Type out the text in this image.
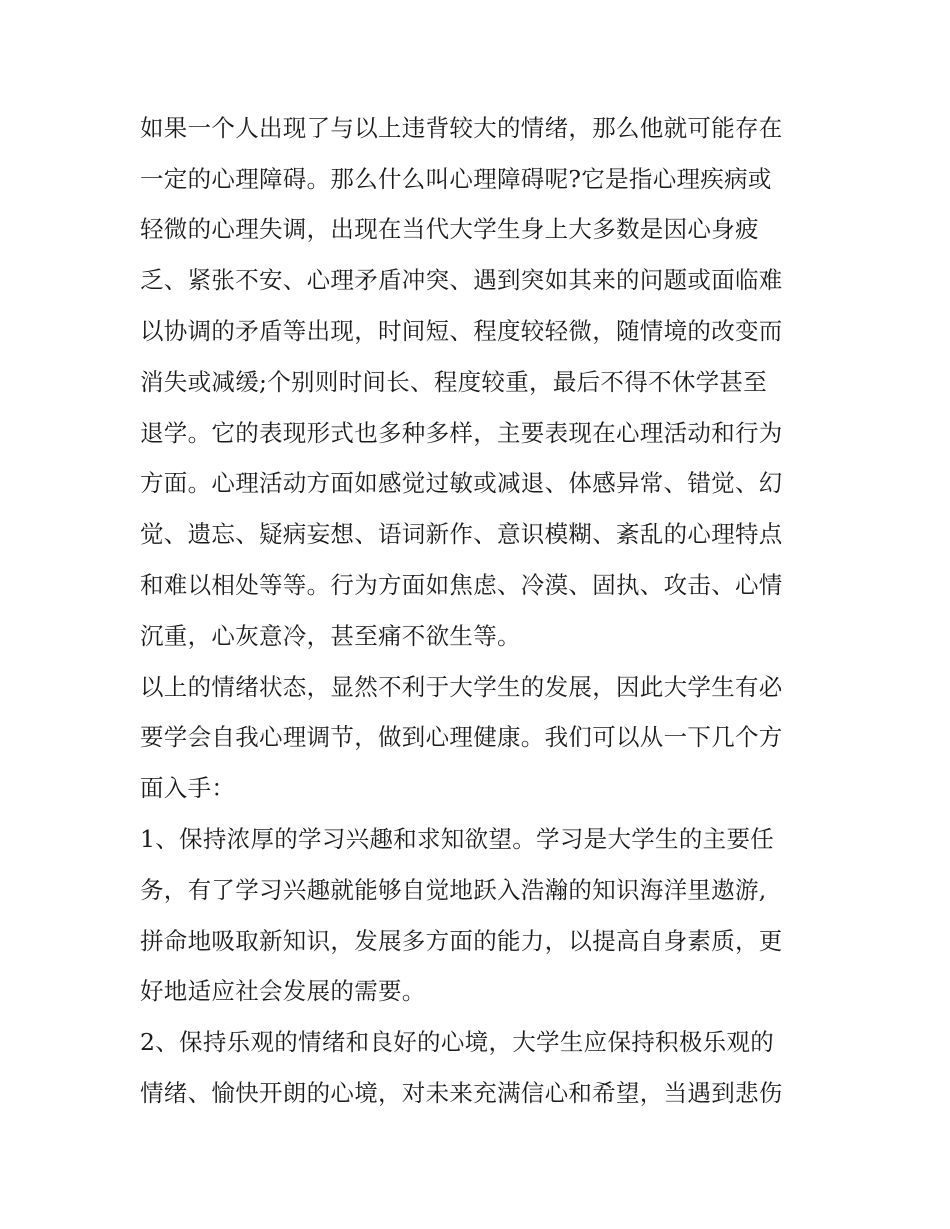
如果一个人出现了与以上违背较大的情绪，那么他就可能存在
一定的心理障碍。那么什么叫心理障碍呢?它是指心理疾病或
轻微的心理失调，出现在当代大学生身上大多数是因心身疲
乏、紧张不安、心理矛盾冲突、遇到突如其来的问题或面临难
以协调的矛盾等出现，时间短、程度较轻微，随情境的改变而
消失或减缓;个别则时间长、程度较重，最后不得不休学甚至
退学。它的表现形式也多种多样，主要表现在心理活动和行为
方面。心理活动方面如感觉过敏或减退、体感异常、错觉、幻
觉、遗忘、疑病妄想、语词新作、意识模糊、紊乱的心理特点
和难以相处等等。行为方面如焦虑、冷漠、固执、攻击、心情
沉重，心灰意冷，甚至痛不欲生等。
以上的情绪状态，显然不利于大学生的发展，因此大学生有必
要学会自我心理调节，做到心理健康。我们可以从一下几个方
面入手：
1、保持浓厚的学习兴趣和求知欲望。学习是大学生的主要任
务，有了学习兴趣就能够自觉地跃入浩瀚的知识海洋里遨游,
拼命地吸取新知识，发展多方面的能力，以提高自身素质，更
好地适应社会发展的需要。
2、保持乐观的情绪和良好的心境，大学生应保持积极乐观的
情绪、愉快开朗的心境，对未来充满信心和希望，当遇到悲伤
